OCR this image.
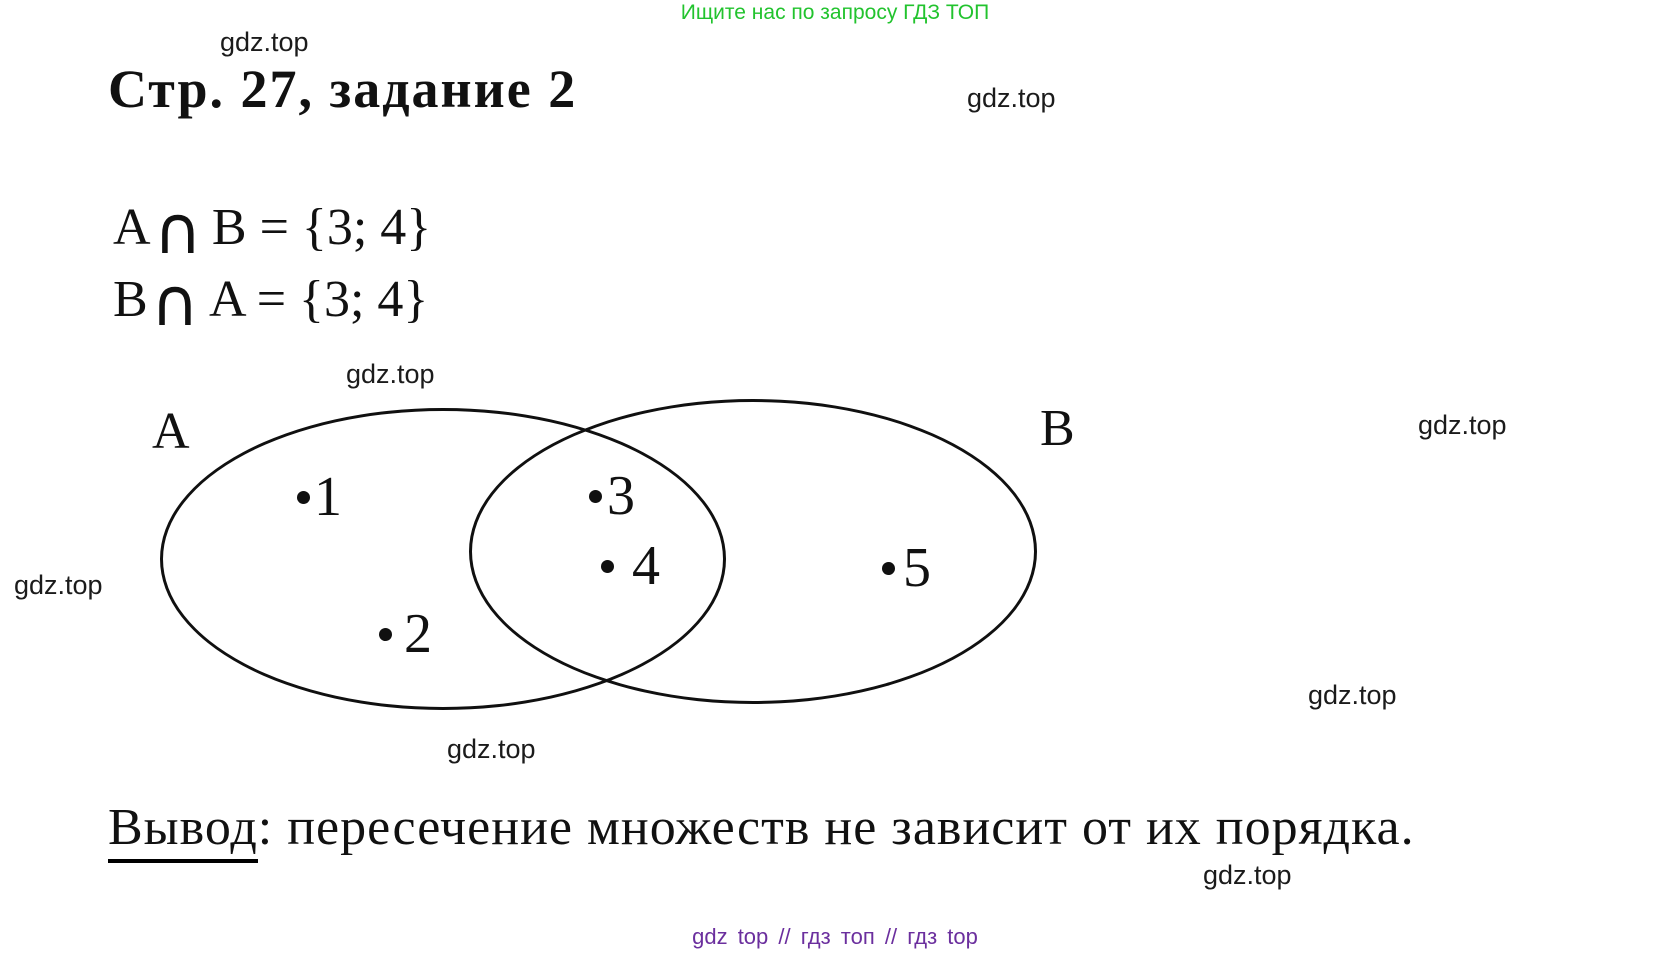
Ищите нас по запросу ГДЗ ТОП
gdz.top
gdz.top
gdz.top
gdz.top
gdz.top
gdz.top
gdz.top
gdz.top
Стр. 27, задание 2
A∩ B = {3; 4}
B∩ A = {3; 4}
A	B
1
2
3
4	5
Вывод: пересечение множеств не зависит от их порядка.
gdz top // гдз топ // гдз top
